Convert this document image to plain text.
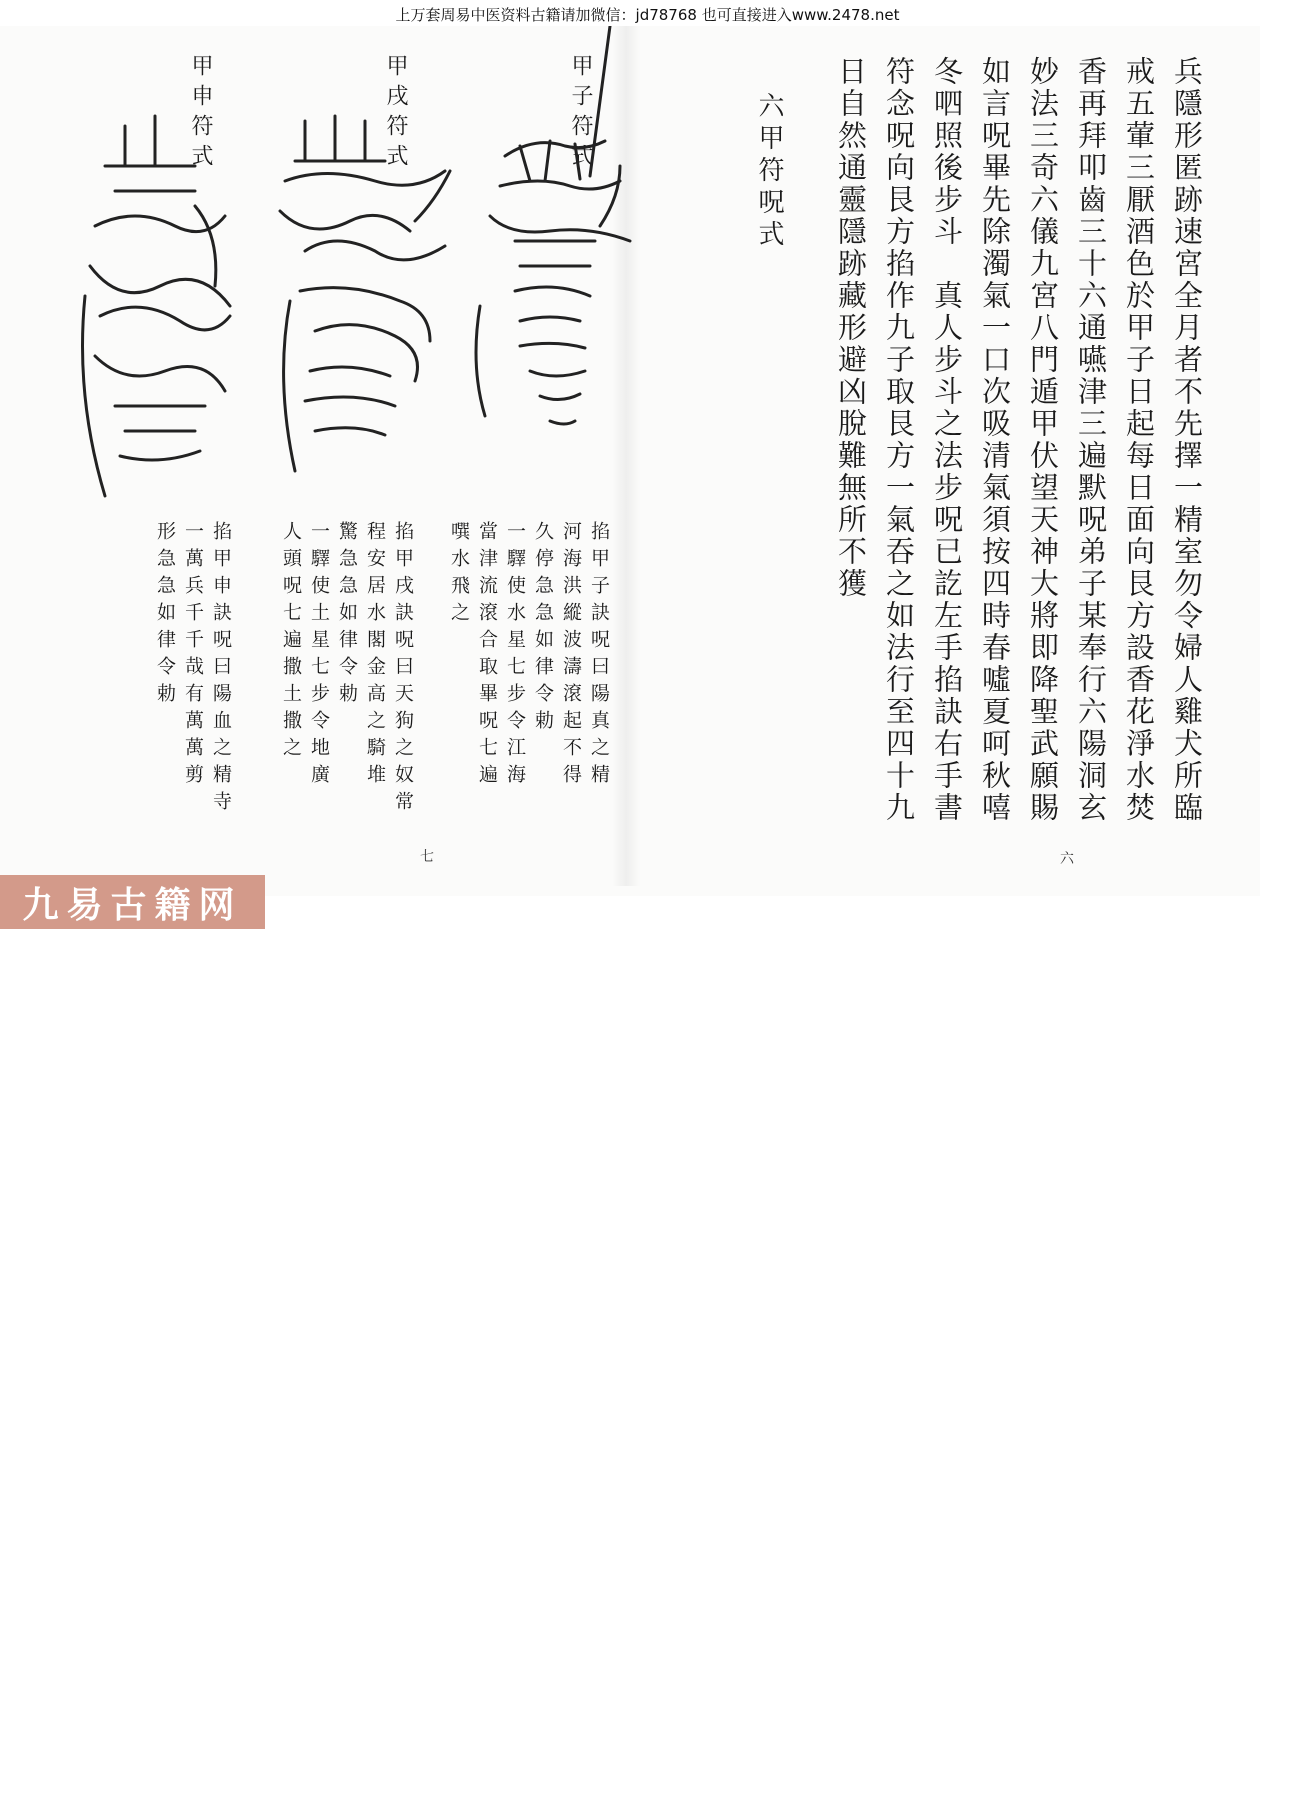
上万套周易中医资料古籍请加微信：jd78768 也可直接进入www.2478.net
甲子符式
甲戌符式
甲申符式
掐甲子訣呪曰陽真之精
河海洪縱波濤滾起不得
久停急急如律令勅
一驛使水星七步令江海
當津流滾合取畢呪七遍
噀水飛之
掐甲戌訣呪曰天狗之奴常
程安居水閣金高之騎堆
驚急急如律令勅
一驛使土星七步令地廣
人頭呪七遍撒土撒之
掐甲申訣呪曰陽血之精寺
一萬兵千千哉有萬萬剪
形急急如律令勅
七
兵隱形匿跡速宮全月者不先擇一精室勿令婦人雞犬所臨
戒五葷三厭酒色於甲子日起每日面向艮方設香花淨水焚
香再拜叩齒三十六通嚥津三遍默呪弟子某奉行六陽洞玄
妙法三奇六儀九宮八門遁甲伏望天神大將即降聖武願賜
如言呪畢先除濁氣一口次吸清氣須按四時春噓夏呵秋嘻
冬呬照後步斗　真人步斗之法步呪已訖左手掐訣右手書
符念呪向艮方掐作九子取艮方一氣吞之如法行至四十九
日自然通靈隱跡藏形避凶脫難無所不獲
六甲符呪式
六
九易古籍网
